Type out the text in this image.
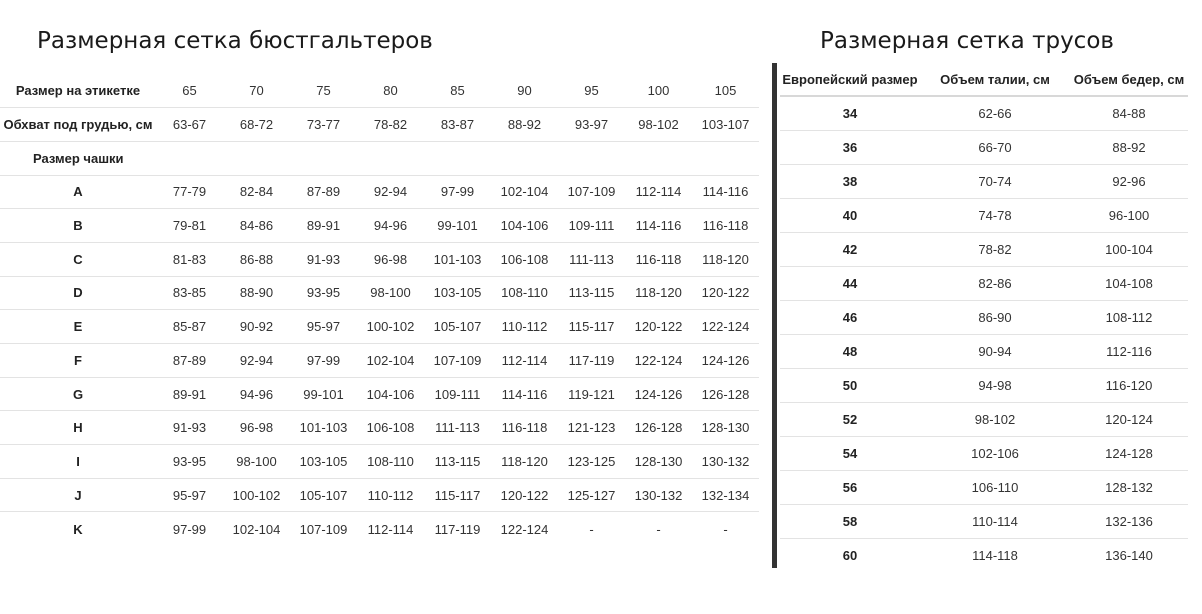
Размерная сетка бюстгальтеров	Размерная сетка трусов
Размер на этикетке	65	70	75	80	85	90	95	100	105
Обхват под грудью, см	63-67	68-72	73-77	78-82	83-87	88-92	93-97	98-102	103-107
Размер чашки									
A	77-79	82-84	87-89	92-94	97-99	102-104	107-109	112-114	114-116
B	79-81	84-86	89-91	94-96	99-101	104-106	109-111	114-116	116-118
C	81-83	86-88	91-93	96-98	101-103	106-108	111-113	116-118	118-120
D	83-85	88-90	93-95	98-100	103-105	108-110	113-115	118-120	120-122
E	85-87	90-92	95-97	100-102	105-107	110-112	115-117	120-122	122-124
F	87-89	92-94	97-99	102-104	107-109	112-114	117-119	122-124	124-126
G	89-91	94-96	99-101	104-106	109-111	114-116	119-121	124-126	126-128
H	91-93	96-98	101-103	106-108	111-113	116-118	121-123	126-128	128-130
I	93-95	98-100	103-105	108-110	113-115	118-120	123-125	128-130	130-132
J	95-97	100-102	105-107	110-112	115-117	120-122	125-127	130-132	132-134
K	97-99	102-104	107-109	112-114	117-119	122-124	-	-	-
Европейский размер	Объем талии, см	Объем бедер, см
34	62-66	84-88
36	66-70	88-92
38	70-74	92-96
40	74-78	96-100
42	78-82	100-104
44	82-86	104-108
46	86-90	108-112
48	90-94	112-116
50	94-98	116-120
52	98-102	120-124
54	102-106	124-128
56	106-110	128-132
58	110-114	132-136
60	114-118	136-140
